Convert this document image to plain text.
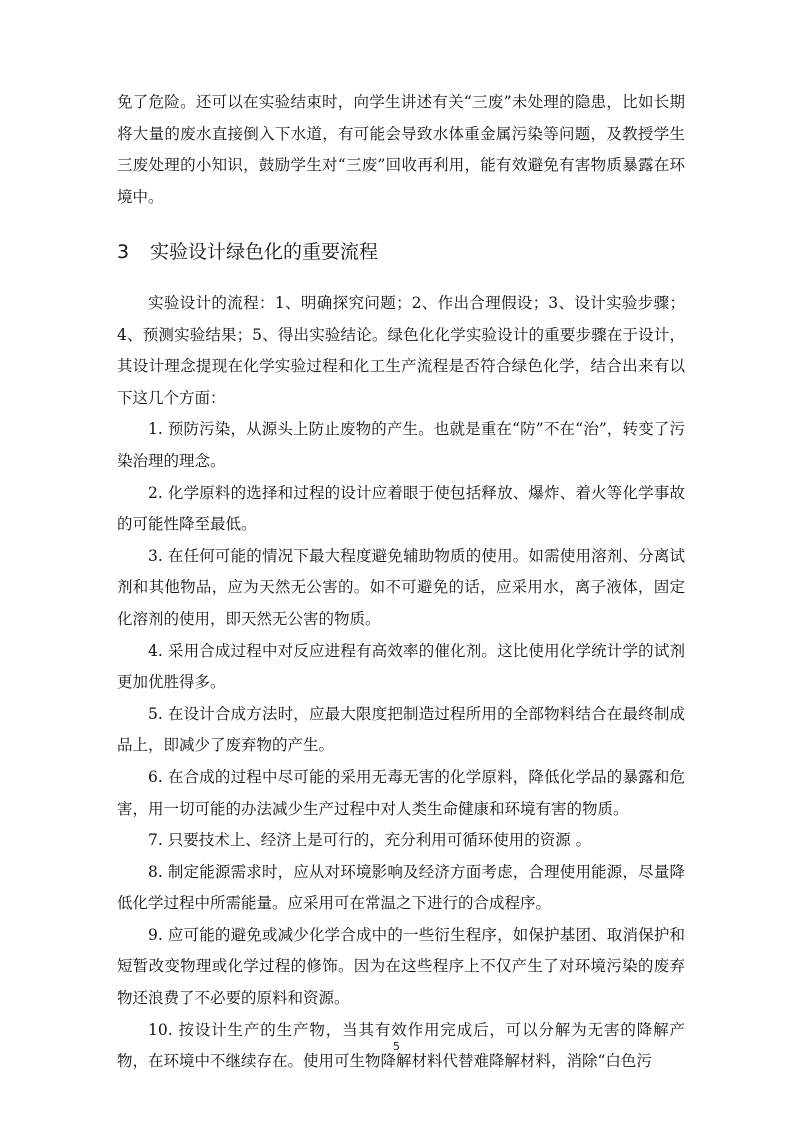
免了危险。还可以在实验结束时，向学生讲述有关“三废”未处理的隐患，比如长期将大量的废水直接倒入下水道，有可能会导致水体重金属污染等问题，及教授学生三废处理的小知识，鼓励学生对“三废”回收再利用，能有效避免有害物质暴露在环境中。

3 实验设计绿色化的重要流程

实验设计的流程：1、明确探究问题；2、作出合理假设；3、设计实验步骤；4、预测实验结果；5、得出实验结论。绿色化化学实验设计的重要步骤在于设计，其设计理念提现在化学实验过程和化工生产流程是否符合绿色化学，结合出来有以下这几个方面：

1. 预防污染，从源头上防止废物的产生。也就是重在“防”不在“治”，转变了污染治理的理念。

2. 化学原料的选择和过程的设计应着眼于使包括释放、爆炸、着火等化学事故的可能性降至最低。

3. 在任何可能的情况下最大程度避免辅助物质的使用。如需使用溶剂、分离试剂和其他物品，应为天然无公害的。如不可避免的话，应采用水，离子液体，固定化溶剂的使用，即天然无公害的物质。

4. 采用合成过程中对反应进程有高效率的催化剂。这比使用化学统计学的试剂更加优胜得多。

5. 在设计合成方法时，应最大限度把制造过程所用的全部物料结合在最终制成品上，即减少了废弃物的产生。

6. 在合成的过程中尽可能的采用无毒无害的化学原料，降低化学品的暴露和危害，用一切可能的办法减少生产过程中对人类生命健康和环境有害的物质。

7. 只要技术上、经济上是可行的，充分利用可循环使用的资源 。

8. 制定能源需求时，应从对环境影响及经济方面考虑，合理使用能源，尽量降低化学过程中所需能量。应采用可在常温之下进行的合成程序。

9. 应可能的避免或减少化学合成中的一些衍生程序，如保护基团、取消保护和短暂改变物理或化学过程的修饰。因为在这些程序上不仅产生了对环境污染的废弃物还浪费了不必要的原料和资源。

10. 按设计生产的生产物，当其有效作用完成后，可以分解为无害的降解产物，在环境中不继续存在。使用可生物降解材料代替难降解材料，消除“白色污

5
